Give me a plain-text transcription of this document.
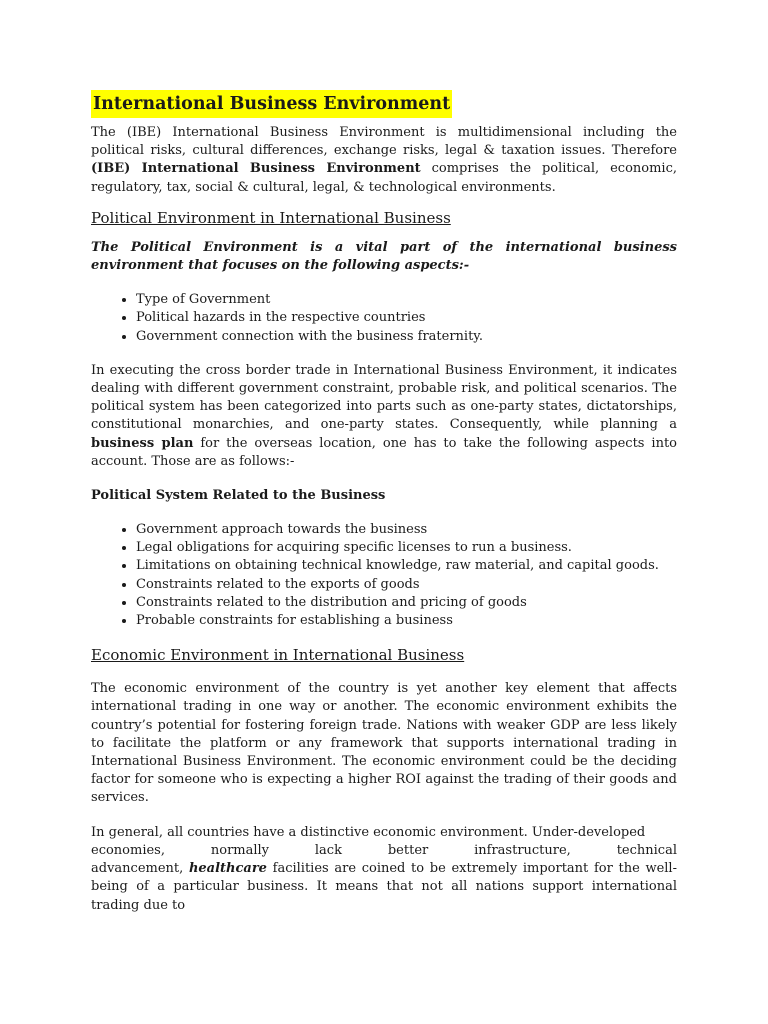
International Business Environment

The (IBE) International Business Environment is multidimensional including the political risks, cultural differences, exchange risks, legal & taxation issues. Therefore (IBE) International Business Environment comprises the political, economic, regulatory, tax, social & cultural, legal, & technological environments.

Political Environment in International Business

The Political Environment is a vital part of the international business environment that focuses on the following aspects:-

• Type of Government
• Political hazards in the respective countries
• Government connection with the business fraternity.

In executing the cross border trade in International Business Environment, it indicates dealing with different government constraint, probable risk, and political scenarios. The political system has been categorized into parts such as one-party states, dictatorships, constitutional monarchies, and one-party states. Consequently, while planning a business plan for the overseas location, one has to take the following aspects into account. Those are as follows:-

Political System Related to the Business

• Government approach towards the business
• Legal obligations for acquiring specific licenses to run a business.
• Limitations on obtaining technical knowledge, raw material, and capital goods.
• Constraints related to the exports of goods
• Constraints related to the distribution and pricing of goods
• Probable constraints for establishing a business
Economic Environment in International Business

The economic environment of the country is yet another key element that affects international trading in one way or another. The economic environment exhibits the country’s potential for fostering foreign trade. Nations with weaker GDP are less likely to facilitate the platform or any framework that supports international trading in International Business Environment. The economic environment could be the deciding factor for someone who is expecting a higher ROI against the trading of their goods and services.

In general, all countries have a distinctive economic environment. Under-developed

economies, normally lack better infrastructure, technical
advancement, healthcare facilities are coined to be extremely important for the well-being of a particular business. It means that not all nations support international trading due to
